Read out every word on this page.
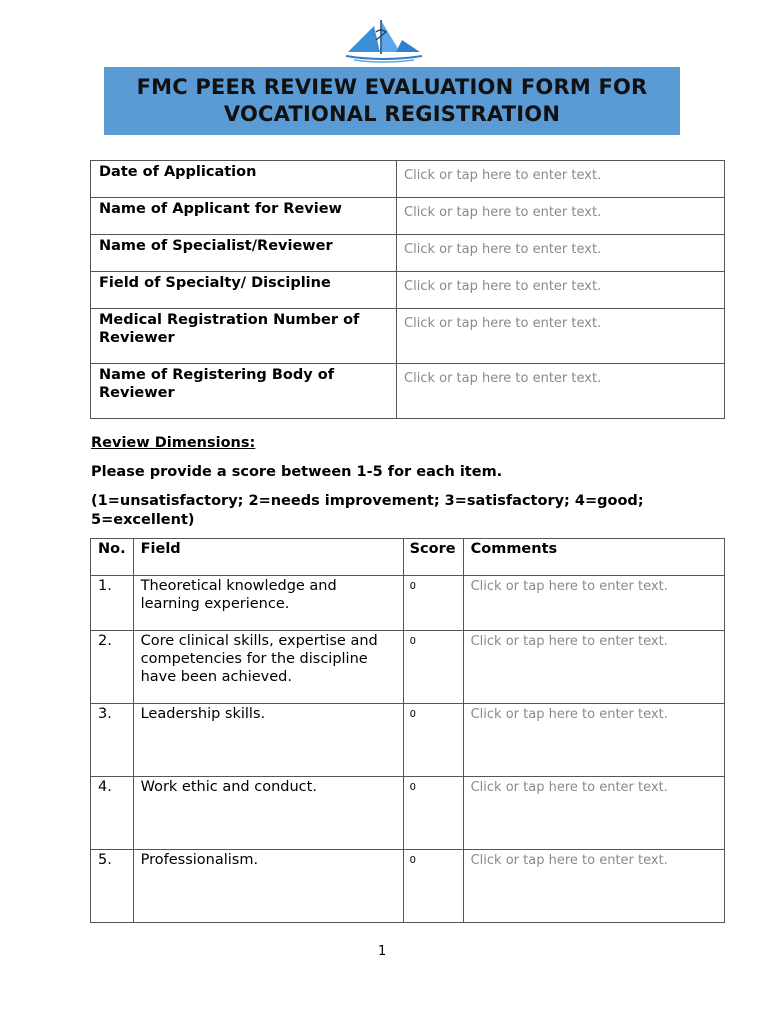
FMC PEER REVIEW EVALUATION FORM FOR
VOCATIONAL REGISTRATION
Date of Application	Click or tap here to enter text.
Name of Applicant for Review	Click or tap here to enter text.
Name of Specialist/Reviewer	Click or tap here to enter text.
Field of Specialty/ Discipline	Click or tap here to enter text.
Medical Registration Number of Reviewer	Click or tap here to enter text.
Name of Registering Body of Reviewer	Click or tap here to enter text.
Review Dimensions:
Please provide a score between 1-5 for each item.
(1=unsatisfactory; 2=needs improvement; 3=satisfactory; 4=good; 5=excellent)
No.	Field	Score	Comments
1.	Theoretical knowledge and learning experience.	0	Click or tap here to enter text.
2.	Core clinical skills, expertise and competencies for the discipline have been achieved.	0	Click or tap here to enter text.
3.	Leadership skills.	0	Click or tap here to enter text.
4.	Work ethic and conduct.	0	Click or tap here to enter text.
5.	Professionalism.	0	Click or tap here to enter text.
1
